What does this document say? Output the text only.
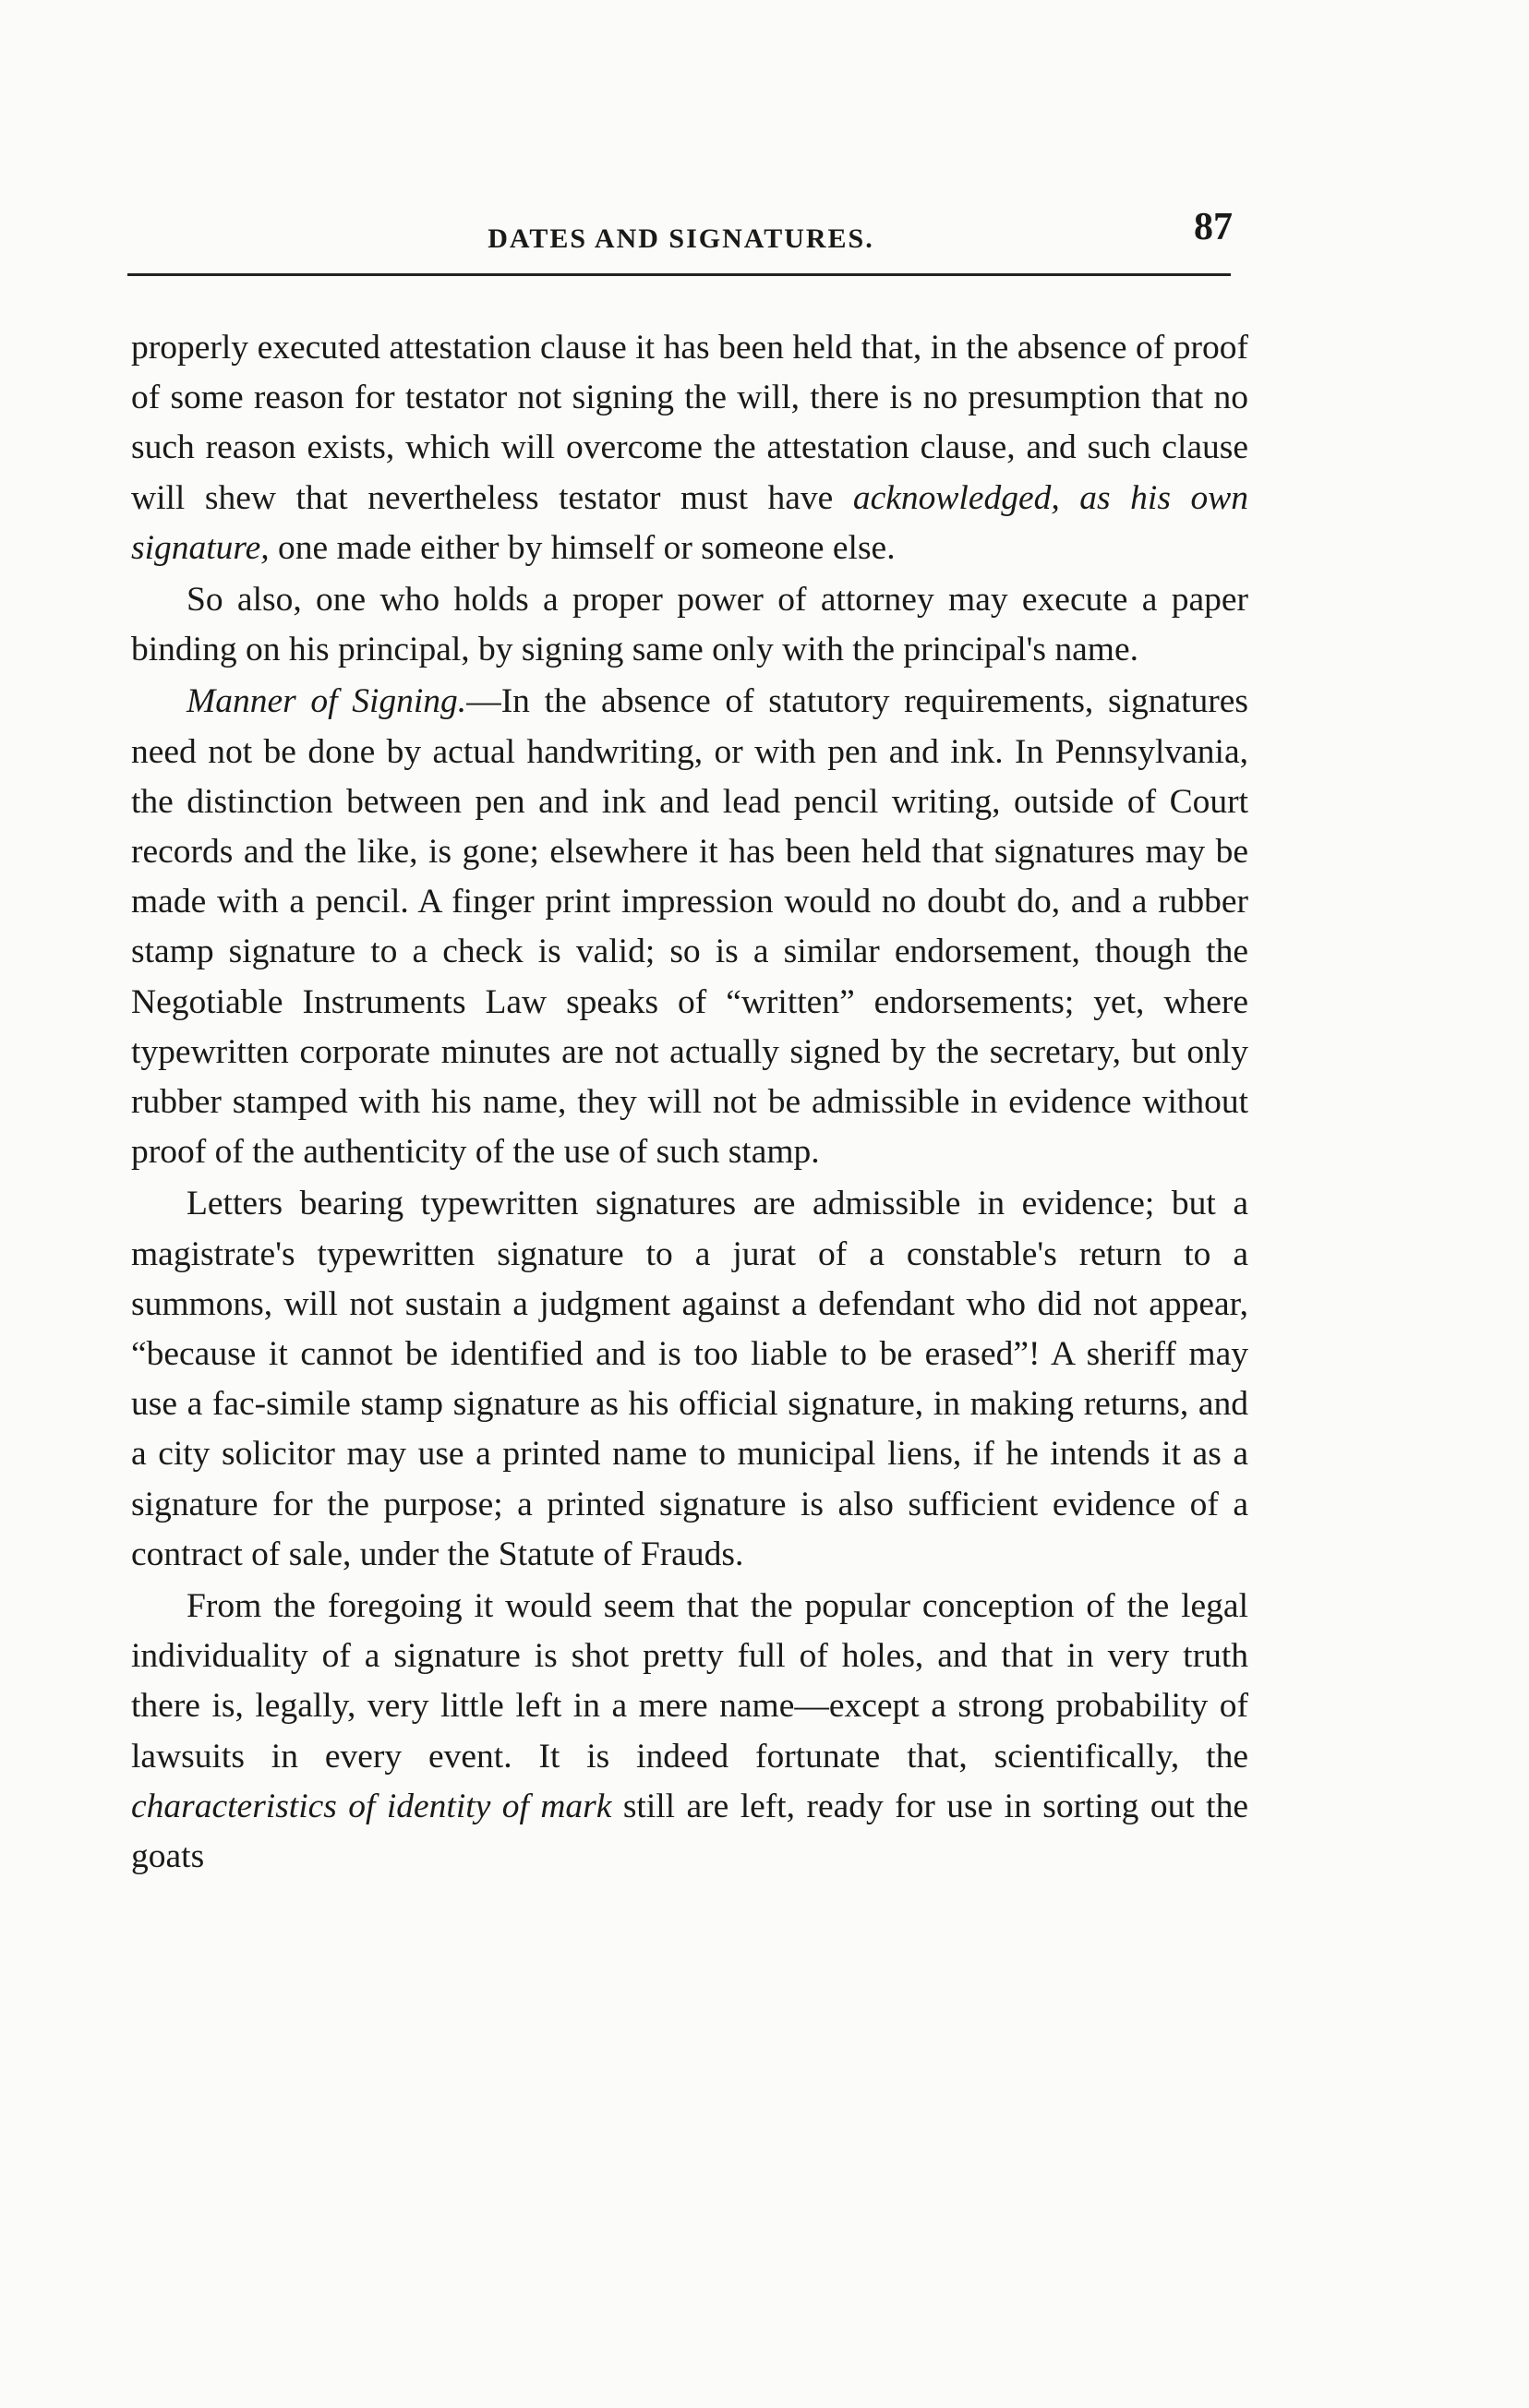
DATES AND SIGNATURES.	87

properly executed attestation clause it has been held that, in the absence of proof of some reason for testator not signing the will, there is no presumption that no such reason exists, which will overcome the attestation clause, and such clause will shew that nevertheless testator must have acknowledged, as his own signature, one made either by himself or someone else.

So also, one who holds a proper power of attorney may execute a paper binding on his principal, by signing same only with the principal's name.

Manner of Signing.—In the absence of statutory requirements, signatures need not be done by actual handwriting, or with pen and ink. In Pennsylvania, the distinction between pen and ink and lead pencil writing, outside of Court records and the like, is gone; elsewhere it has been held that signatures may be made with a pencil. A finger print impression would no doubt do, and a rubber stamp signature to a check is valid; so is a similar endorsement, though the Negotiable Instruments Law speaks of “written” endorsements; yet, where typewritten corporate minutes are not actually signed by the secretary, but only rubber stamped with his name, they will not be admissible in evidence without proof of the authenticity of the use of such stamp.

Letters bearing typewritten signatures are admissible in evidence; but a magistrate's typewritten signature to a jurat of a constable's return to a summons, will not sustain a judgment against a defendant who did not appear, “because it cannot be identified and is too liable to be erased”! A sheriff may use a fac-simile stamp signature as his official signature, in making returns, and a city solicitor may use a printed name to municipal liens, if he intends it as a signature for the purpose; a printed signature is also sufficient evidence of a contract of sale, under the Statute of Frauds.

From the foregoing it would seem that the popular conception of the legal individuality of a signature is shot pretty full of holes, and that in very truth there is, legally, very little left in a mere name—except a strong probability of lawsuits in every event. It is indeed fortunate that, scientifically, the characteristics of identity of mark still are left, ready for use in sorting out the goats
